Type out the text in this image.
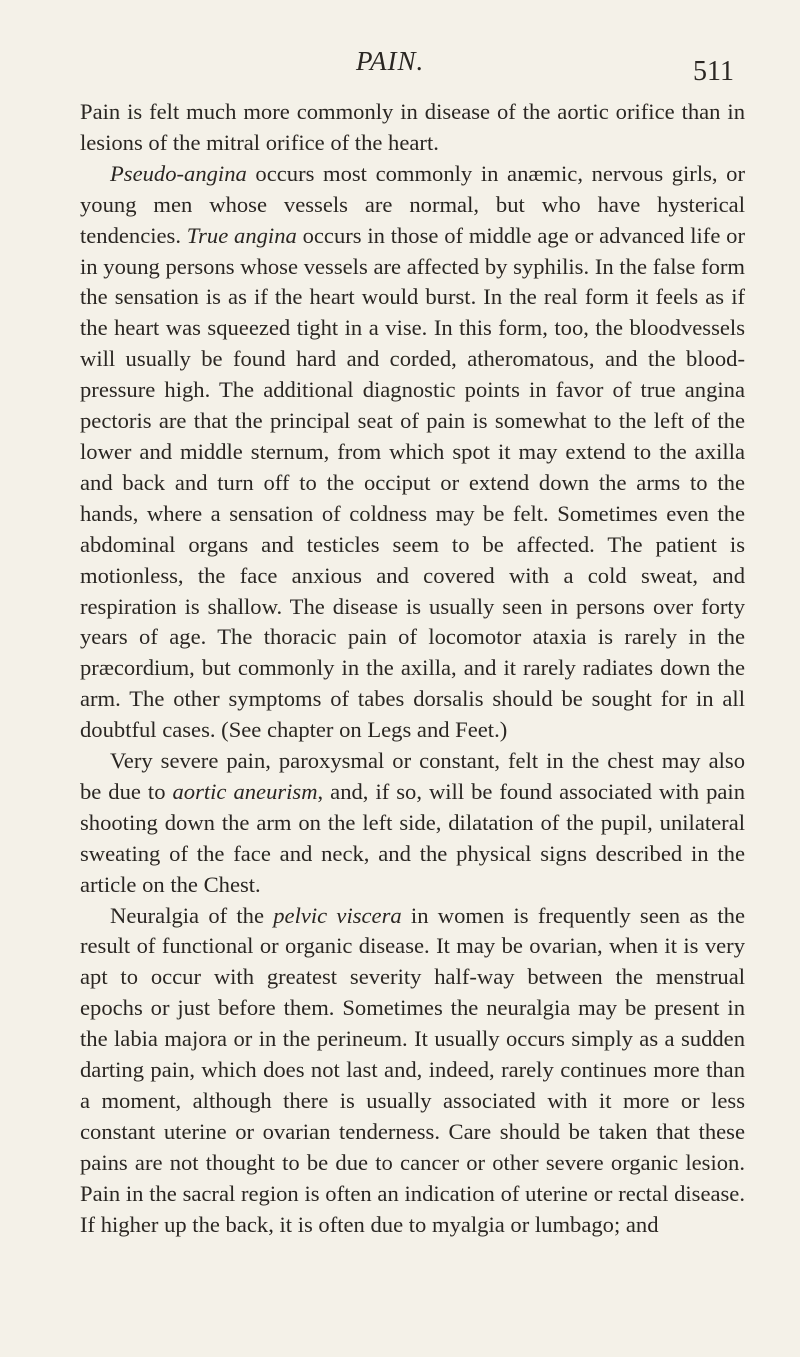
PAIN.	511

Pain is felt much more commonly in disease of the aortic orifice than in lesions of the mitral orifice of the heart.

Pseudo-angina occurs most commonly in anæmic, nervous girls, or young men whose vessels are normal, but who have hysterical tendencies. True angina occurs in those of middle age or advanced life or in young persons whose vessels are affected by syphilis. In the false form the sensation is as if the heart would burst. In the real form it feels as if the heart was squeezed tight in a vise. In this form, too, the bloodvessels will usually be found hard and corded, atheromatous, and the blood-pressure high. The additional diagnostic points in favor of true angina pectoris are that the principal seat of pain is somewhat to the left of the lower and middle sternum, from which spot it may extend to the axilla and back and turn off to the occiput or extend down the arms to the hands, where a sensation of coldness may be felt. Sometimes even the abdominal organs and testicles seem to be affected. The patient is motionless, the face anxious and covered with a cold sweat, and respiration is shallow. The disease is usually seen in persons over forty years of age. The thoracic pain of locomotor ataxia is rarely in the præcordium, but commonly in the axilla, and it rarely radiates down the arm. The other symptoms of tabes dorsalis should be sought for in all doubtful cases. (See chapter on Legs and Feet.)

Very severe pain, paroxysmal or constant, felt in the chest may also be due to aortic aneurism, and, if so, will be found associated with pain shooting down the arm on the left side, dilatation of the pupil, unilateral sweating of the face and neck, and the physical signs described in the article on the Chest.

Neuralgia of the pelvic viscera in women is frequently seen as the result of functional or organic disease. It may be ovarian, when it is very apt to occur with greatest severity half-way between the menstrual epochs or just before them. Sometimes the neuralgia may be present in the labia majora or in the perineum. It usually occurs simply as a sudden darting pain, which does not last and, indeed, rarely continues more than a moment, although there is usually associated with it more or less constant uterine or ovarian tenderness. Care should be taken that these pains are not thought to be due to cancer or other severe organic lesion. Pain in the sacral region is often an indication of uterine or rectal disease. If higher up the back, it is often due to myalgia or lumbago; and
